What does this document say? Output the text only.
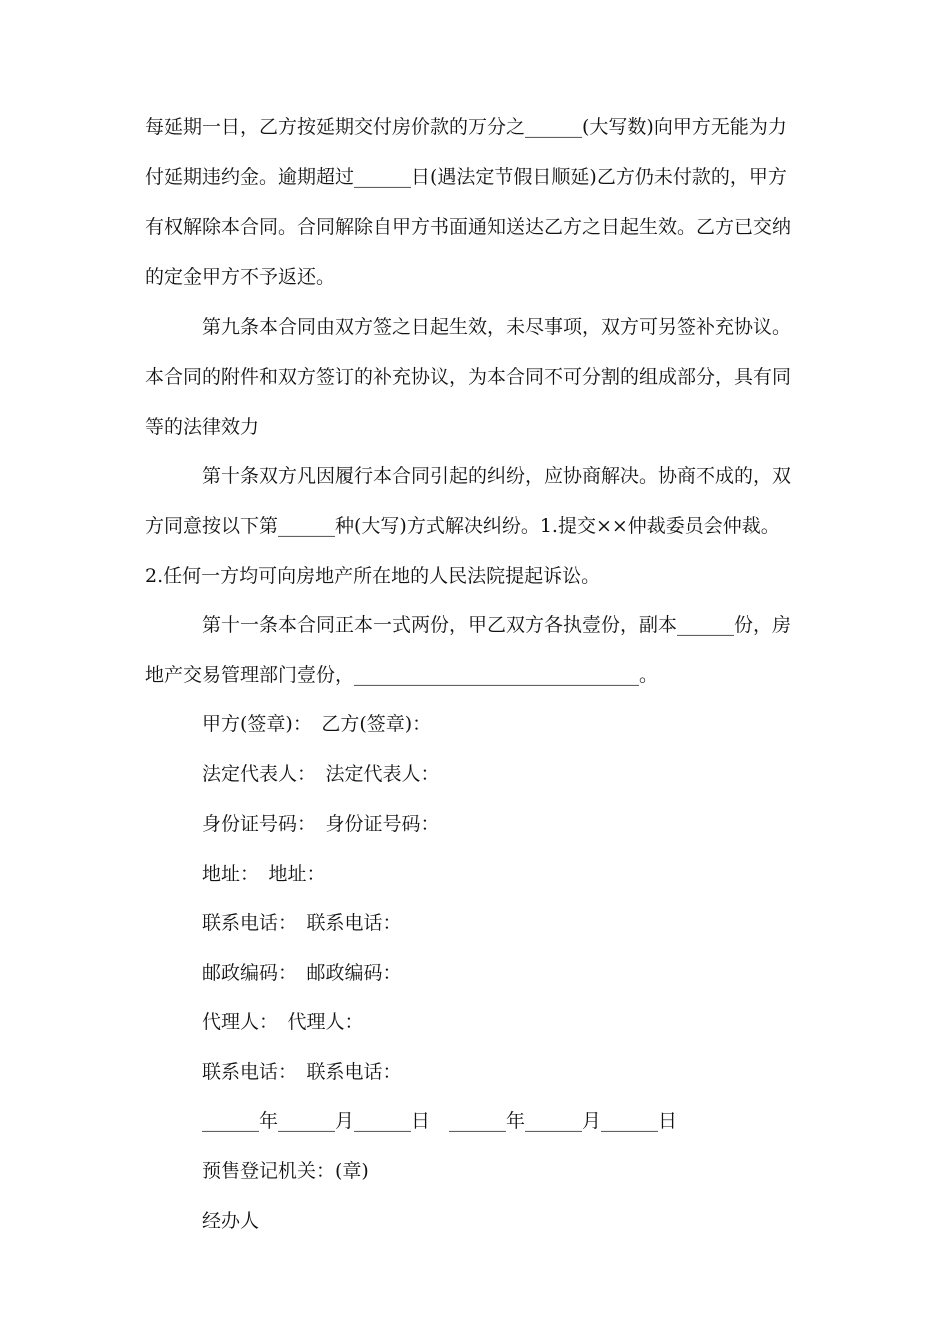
每延期一日，乙方按延期交付房价款的万分之______(大写数)向甲方无能为力
付延期违约金。逾期超过______日(遇法定节假日顺延)乙方仍未付款的，甲方
有权解除本合同。合同解除自甲方书面通知送达乙方之日起生效。乙方已交纳
的定金甲方不予返还。
　　　第九条本合同由双方签之日起生效，未尽事项，双方可另签补充协议。
本合同的附件和双方签订的补充协议，为本合同不可分割的组成部分，具有同
等的法律效力
　　　第十条双方凡因履行本合同引起的纠纷，应协商解决。协商不成的，双
方同意按以下第______种(大写)方式解决纠纷。1.提交××仲裁委员会仲裁。
2.任何一方均可向房地产所在地的人民法院提起诉讼。
　　　第十一条本合同正本一式两份，甲乙双方各执壹份，副本______份，房
地产交易管理部门壹份，______________________________。

甲方(签章)：　乙方(签章)：

法定代表人：　法定代表人：

身份证号码：　身份证号码：

地址：　地址：

联系电话：　联系电话：

邮政编码：　邮政编码：

代理人：　代理人：

联系电话：　联系电话：

______年______月______日　______年______月______日

预售登记机关：(章)

经办人
